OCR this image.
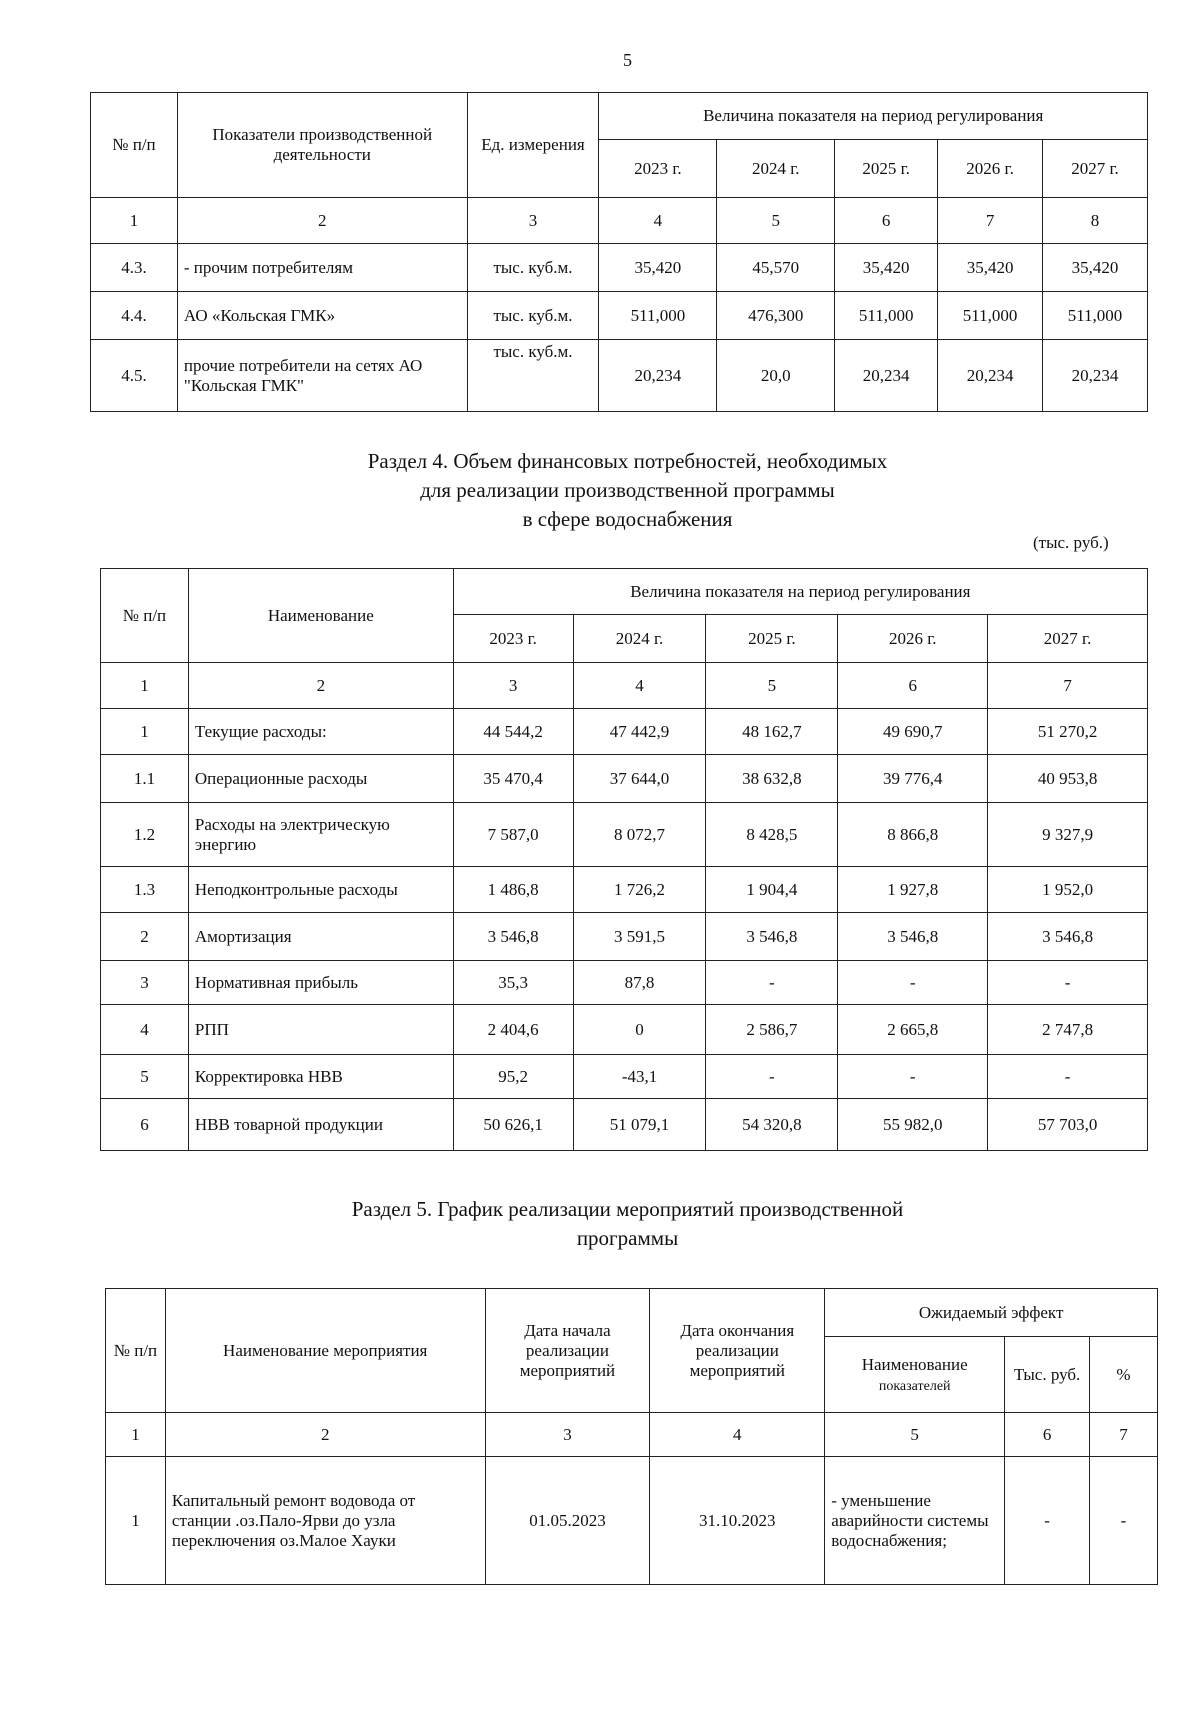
5
№ п/п	Показатели производственной деятельности	Ед. измерения	Величина показателя на период регулирования				
			2023 г.	2024 г.	2025 г.	2026 г.	2027 г.
1	2	3	4	5	6	7	8
4.3.	- прочим потребителям	тыс. куб.м.	35,420	45,570	35,420	35,420	35,420
4.4.	АО «Кольская ГМК»	тыс. куб.м.	511,000	476,300	511,000	511,000	511,000
4.5.	прочие потребители на сетях АО "Кольская ГМК"	тыс. куб.м.	20,234	20,0	20,234	20,234	20,234
Раздел 4. Объем финансовых потребностей, необходимых
для реализации производственной программы
в сфере водоснабжения
(тыс. руб.)
№ п/п	Наименование	Величина показателя на период регулирования				
		2023 г.	2024 г.	2025 г.	2026 г.	2027 г.
1	2	3	4	5	6	7
1	Текущие расходы:	44 544,2	47 442,9	48 162,7	49 690,7	51 270,2
1.1	Операционные расходы	35 470,4	37 644,0	38 632,8	39 776,4	40 953,8
1.2	Расходы на электрическую энергию	7 587,0	8 072,7	8 428,5	8 866,8	9 327,9
1.3	Неподконтрольные расходы	1 486,8	1 726,2	1 904,4	1 927,8	1 952,0
2	Амортизация	3 546,8	3 591,5	3 546,8	3 546,8	3 546,8
3	Нормативная прибыль	35,3	87,8	-	-	-
4	РПП	2 404,6	0	2 586,7	2 665,8	2 747,8
5	Корректировка НВВ	95,2	-43,1	-	-	-
6	НВВ товарной продукции	50 626,1	51 079,1	54 320,8	55 982,0	57 703,0
Раздел 5. График реализации мероприятий производственной
программы
№ п/п	Наименование мероприятия	Дата начала реализации мероприятий	Дата окончания реализации мероприятий	Ожидаемый эффект		
				Наименование
показателей	Тыс. руб.	%
1	2	3	4	5	6	7
1	Капитальный ремонт водовода от станции .оз.Пало-Ярви до узла переключения оз.Малое Хауки	01.05.2023	31.10.2023	- уменьшение аварийности системы водоснабжения;	-	-
